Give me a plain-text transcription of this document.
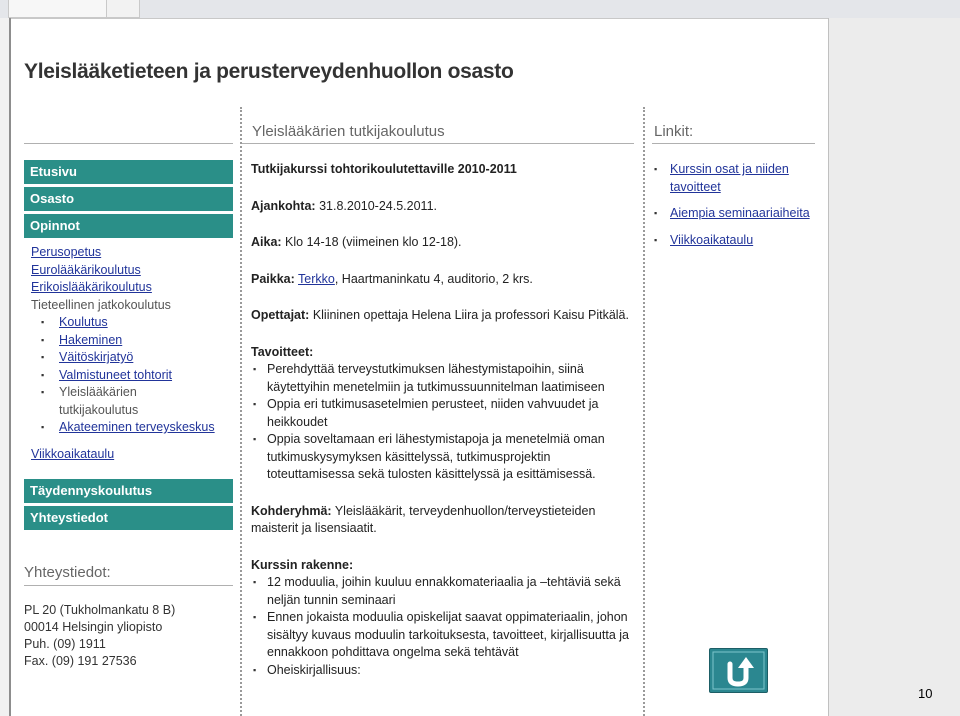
Yleislääketieteen ja perusterveydenhuollon osasto
Etusivu
Osasto
Opinnot
Perusopetus
Eurolääkärikoulutus
Erikoislääkärikoulutus
Tieteellinen jatkokoulutus
▪ Koulutus
▪ Hakeminen
▪ Väitöskirjatyö
▪ Valmistuneet tohtorit
▪ Yleislääkärien
tutkijakoulutus
▪ Akateeminen terveyskeskus
Viikkoaikataulu
Täydennyskoulutus
Yhteystiedot
Yhteystiedot:
PL 20 (Tukholmankatu 8 B)
00014 Helsingin yliopisto
Puh. (09) 1911
Fax. (09) 191 27536
Yleislääkärien tutkijakoulutus

Tutkijakurssi tohtorikoulutettaville 2010-2011

Ajankohta: 31.8.2010-24.5.2011.

Aika: Klo 14-18 (viimeinen klo 12-18).

Paikka: Terkko, Haartmaninkatu 4, auditorio, 2 krs.

Opettajat: Kliininen opettaja Helena Liira ja professori Kaisu Pitkälä.

Tavoitteet:
▪ Perehdyttää terveystutkimuksen lähestymistapoihin, siinä käytettyihin menetelmiin ja tutkimussuunnitelman laatimiseen
▪ Oppia eri tutkimusasetelmien perusteet, niiden vahvuudet ja heikkoudet
▪ Oppia soveltamaan eri lähestymistapoja ja menetelmiä oman tutkimuskysymyksen käsittelyssä, tutkimusprojektin toteuttamisessa sekä tulosten käsittelyssä ja esittämisessä.

Kohderyhmä: Yleislääkärit, terveydenhuollon/terveystieteiden maisterit ja lisensiaatit.

Kurssin rakenne:
▪ 12 moduulia, joihin kuuluu ennakkomateriaalia ja –tehtäviä sekä neljän tunnin seminaari
▪ Ennen jokaista moduulia opiskelijat saavat oppimateriaalin, johon sisältyy kuvaus moduulin tarkoituksesta, tavoitteet, kirjallisuutta ja ennakkoon pohdittava ongelma sekä tehtävät
▪ Oheiskirjallisuus:
Linkit:
▪ Kurssin osat ja niiden tavoitteet
▪ Aiempia seminaariaiheita
▪ Viikkoaikataulu
10
